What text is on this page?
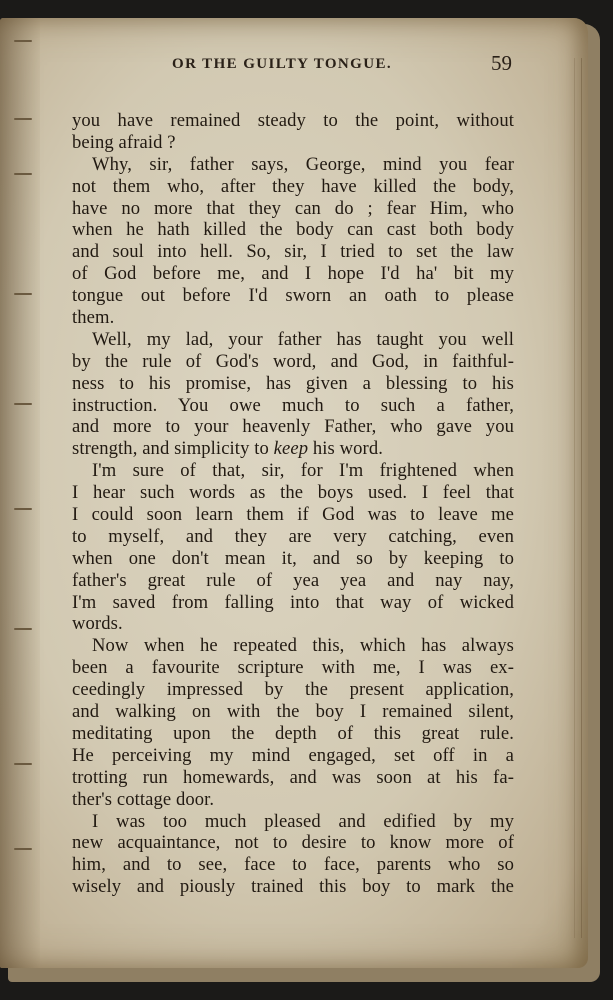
OR THE GUILTY TONGUE.	59
you have remained steady to the point, without
being afraid ?
Why, sir, father says, George, mind you fear
not them who, after they have killed the body,
have no more that they can do ; fear Him, who
when he hath killed the body can cast both body
and soul into hell. So, sir, I tried to set the law
of God before me, and I hope I'd ha' bit my
tongue out before I'd sworn an oath to please
them.
Well, my lad, your father has taught you well
by the rule of God's word, and God, in faithful-
ness to his promise, has given a blessing to his
instruction. You owe much to such a father,
and more to your heavenly Father, who gave you
strength, and simplicity to keep his word.
I'm sure of that, sir, for I'm frightened when
I hear such words as the boys used. I feel that
I could soon learn them if God was to leave me
to myself, and they are very catching, even
when one don't mean it, and so by keeping to
father's great rule of yea yea and nay nay,
I'm saved from falling into that way of wicked
words.
Now when he repeated this, which has always
been a favourite scripture with me, I was ex-
ceedingly impressed by the present application,
and walking on with the boy I remained silent,
meditating upon the depth of this great rule.
He perceiving my mind engaged, set off in a
trotting run homewards, and was soon at his fa-
ther's cottage door.
I was too much pleased and edified by my
new acquaintance, not to desire to know more of
him, and to see, face to face, parents who so
wisely and piously trained this boy to mark the
